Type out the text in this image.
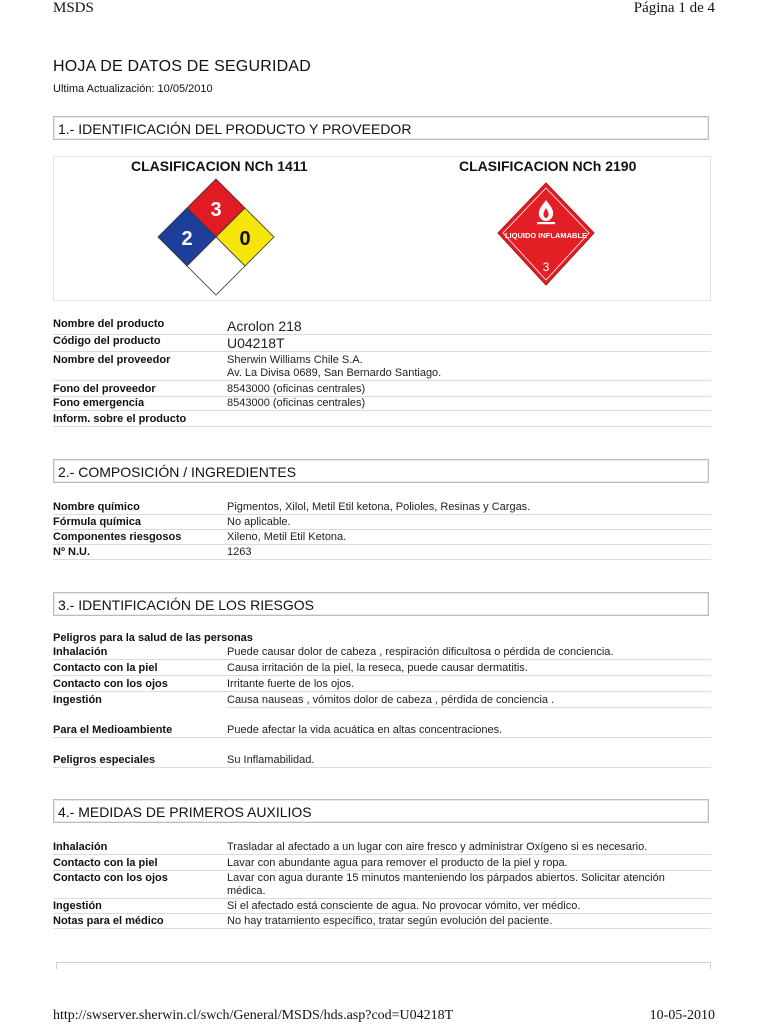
MSDS	Página 1 de 4
HOJA DE DATOS DE SEGURIDAD
Ultima Actualización: 10/05/2010
1.- IDENTIFICACIÓN DEL PRODUCTO Y PROVEEDOR
CLASIFICACION NCh 1411	CLASIFICACION NCh 2190
3
2 0	LIQUIDO INFLAMABLE
3
Nombre del producto	Acrolon 218
Código del producto	U04218T
Nombre del proveedor	Sherwin Williams Chile S.A.
Av. La Divisa 0689, San Bernardo Santiago.

Fono del proveedor	8543000 (oficinas centrales)
Fono emergencia	8543000 (oficinas centrales)
Inform. sobre el producto	
2.- COMPOSICIÓN / INGREDIENTES
Nombre químico	Pigmentos, Xilol, Metil Etil ketona, Polioles, Resinas y Cargas.
Fórmula química	No aplicable.
Componentes riesgosos	Xileno, Metil Etil Ketona.
Nº N.U.	1263
3.- IDENTIFICACIÓN DE LOS RIESGOS
Peligros para la salud de las personas
Inhalación	Puede causar dolor de cabeza , respiración dificultosa o pérdida de conciencia.
Contacto con la piel	Causa irritación de la piel, la reseca, puede causar dermatitis.
Contacto con los ojos	Irritante fuerte de los ojos.
Ingestión	Causa nauseas , vómitos dolor de cabeza , pérdida de conciencia .

Para el Medioambiente	Puede afectar la vida acuática en altas concentraciones.

Peligros especiales	Su Inflamabilidad.
4.- MEDIDAS DE PRIMEROS AUXILIOS
Inhalación	Trasladar al afectado a un lugar con aire fresco y administrar Oxígeno si es necesario.
Contacto con la piel	Lavar con abundante agua para remover el producto de la piel y ropa.
Contacto con los ojos	Lavar con agua durante 15 minutos manteniendo los párpados abiertos. Solicitar atención médica.
Ingestión	Si el afectado está consciente de agua. No provocar vómito, ver médico.
Notas para el médico	No hay tratamiento específico, tratar según evolución del paciente.
http://swserver.sherwin.cl/swch/General/MSDS/hds.asp?cod=U04218T	10-05-2010
